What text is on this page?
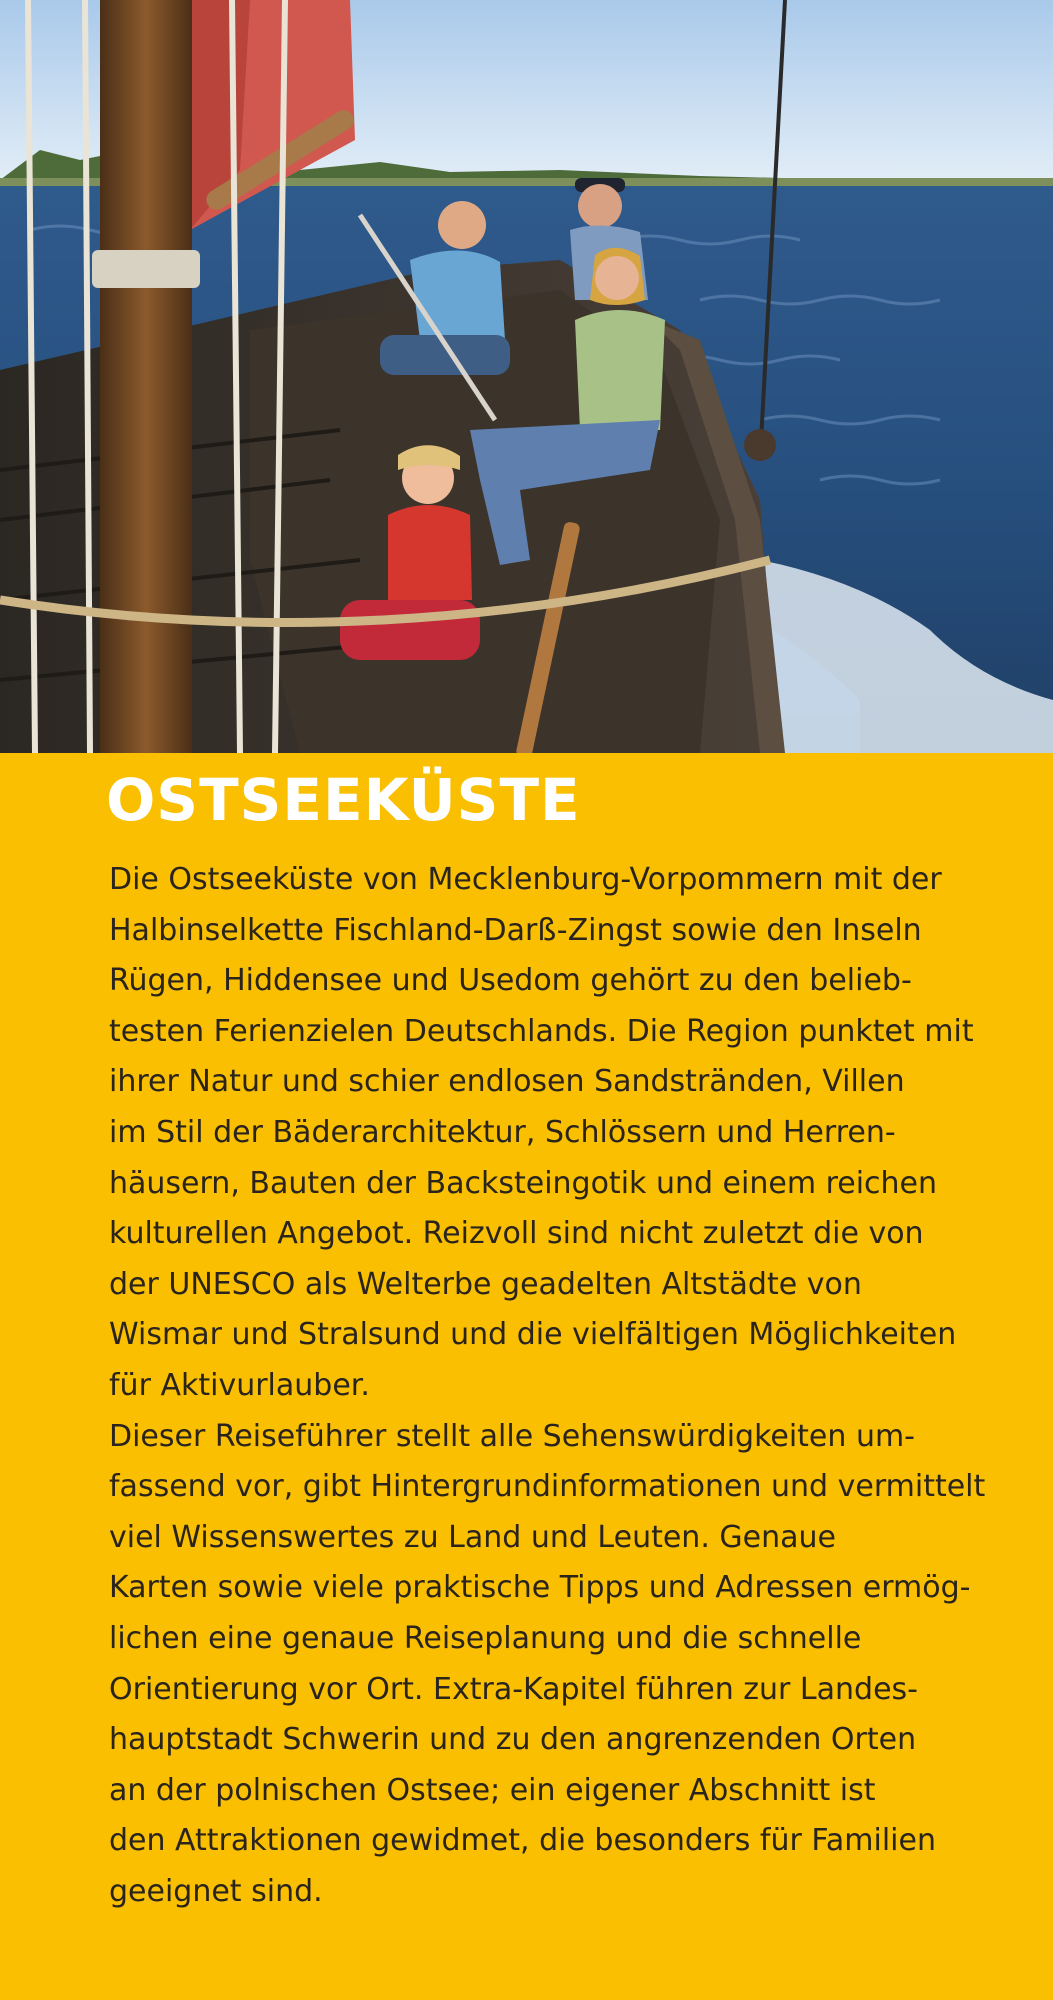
OSTSEEKÜSTE
Die Ostseeküste von Mecklenburg-Vorpommern mit der
Halbinselkette Fischland-Darß-Zingst sowie den Inseln
Rügen, Hiddensee und Usedom gehört zu den belieb-
testen Ferienzielen Deutschlands. Die Region punktet mit
ihrer Natur und schier endlosen Sandstränden, Villen
im Stil der Bäderarchitektur, Schlössern und Herren-
häusern, Bauten der Backsteingotik und einem reichen
kulturellen Angebot. Reizvoll sind nicht zuletzt die von
der UNESCO als Welterbe geadelten Altstädte von
Wismar und Stralsund und die vielfältigen Möglichkeiten
für Aktivurlauber.
Dieser Reiseführer stellt alle Sehenswürdigkeiten um-
fassend vor, gibt Hintergrundinformationen und vermittelt
viel Wissenswertes zu Land und Leuten. Genaue
Karten sowie viele praktische Tipps und Adressen ermög-
lichen eine genaue Reiseplanung und die schnelle
Orientierung vor Ort. Extra-Kapitel führen zur Landes-
hauptstadt Schwerin und zu den angrenzenden Orten
an der polnischen Ostsee; ein eigener Abschnitt ist
den Attraktionen gewidmet, die besonders für Familien
geeignet sind.
